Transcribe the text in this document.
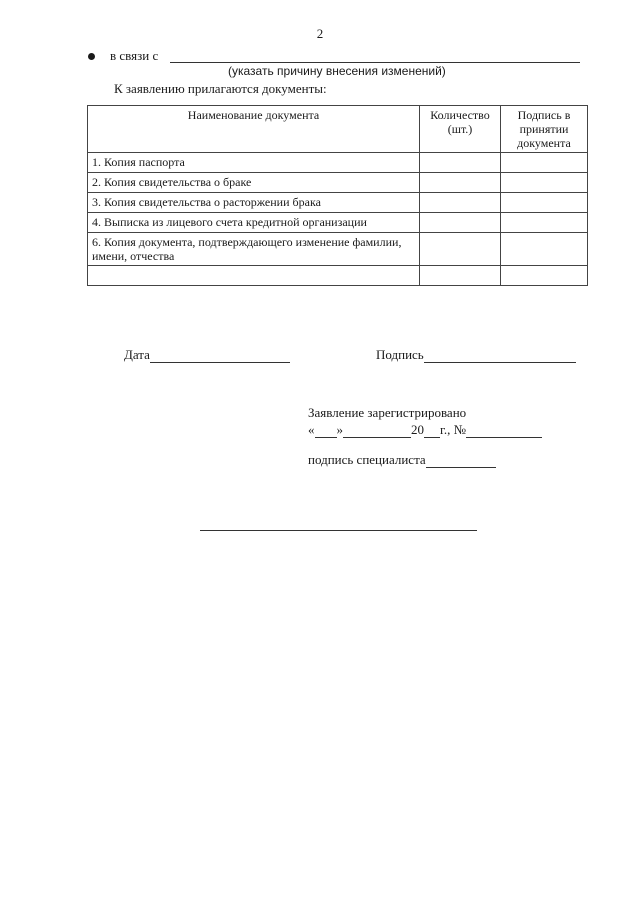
2
в связи с
(указать причину внесения изменений)
К заявлению прилагаются документы:
Наименование документа	Количество (шт.)	Подпись в принятии документа
1. Копия паспорта		
2. Копия свидетельства о браке		
3. Копия свидетельства о расторжении брака		
4. Выписка из лицевого счета кредитной организации		
6. Копия документа, подтверждающего изменение фамилии, имени, отчества		

Дата	Подпись
Заявление зарегистрировано
« »	20 г., №
подпись специалиста
